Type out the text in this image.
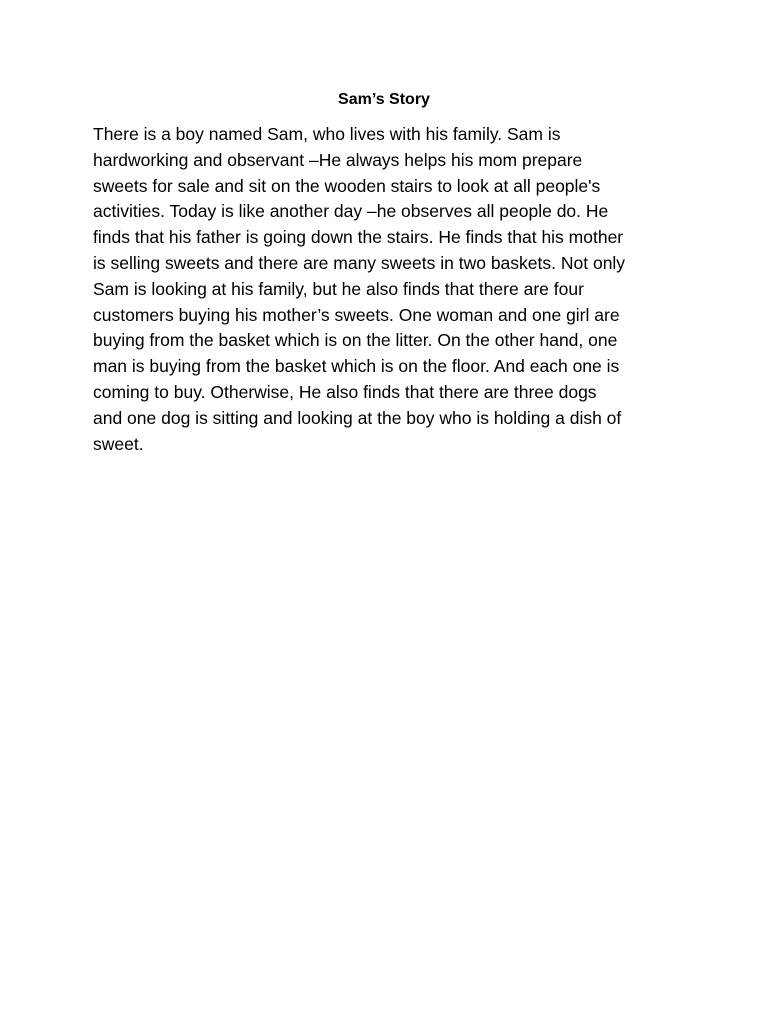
Sam’s Story

There is a boy named Sam, who lives with his family. Sam is
hardworking and observant –He always helps his mom prepare
sweets for sale and sit on the wooden stairs to look at all people's
activities. Today is like another day –he observes all people do. He
finds that his father is going down the stairs. He finds that his mother
is selling sweets and there are many sweets in two baskets. Not only
Sam is looking at his family, but he also finds that there are four
customers buying his mother’s sweets. One woman and one girl are
buying from the basket which is on the litter. On the other hand, one
man is buying from the basket which is on the floor. And each one is
coming to buy. Otherwise, He also finds that there are three dogs
and one dog is sitting and looking at the boy who is holding a dish of
sweet.
